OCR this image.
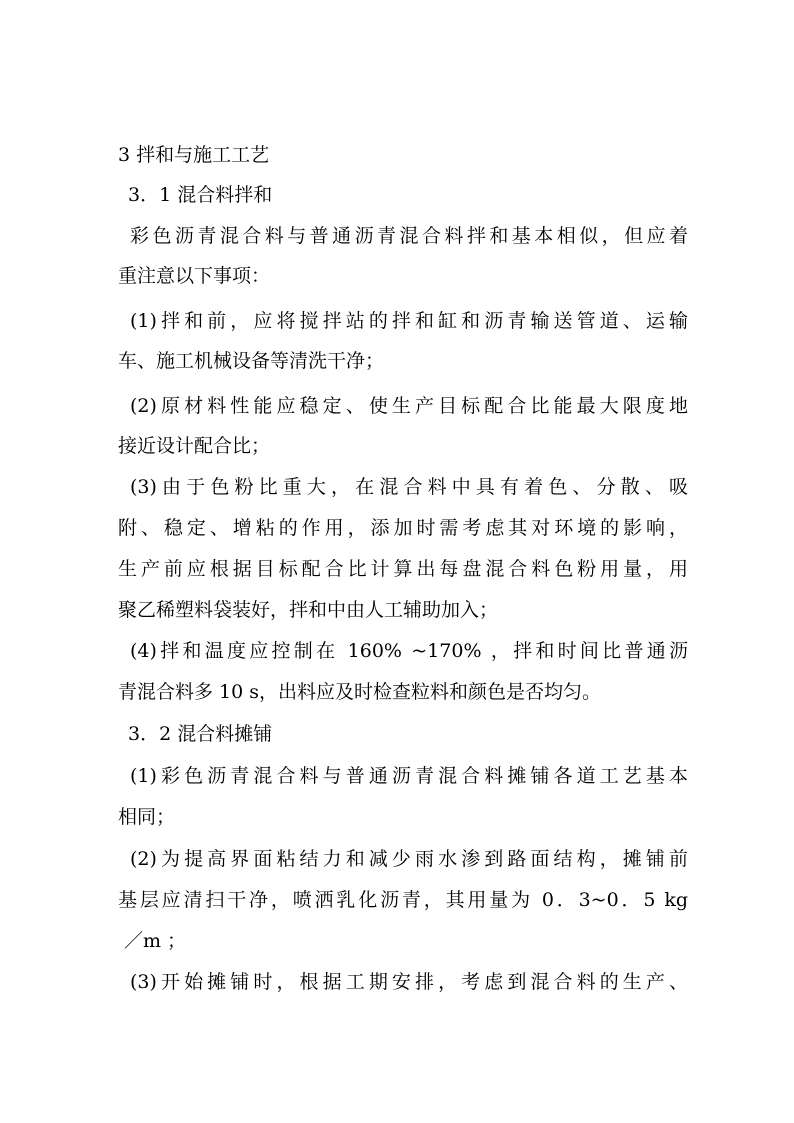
3 拌和与施工工艺
3．1 混合料拌和
彩色沥青混合料与普通沥青混合料拌和基本相似，但应着
重注意以下事项：
(1)拌和前，应将搅拌站的拌和缸和沥青输送管道、运输
车、施工机械设备等清洗干净；
(2)原材料性能应稳定、使生产目标配合比能最大限度地
接近设计配合比；
(3)由于色粉比重大，在混合料中具有着色、分散、吸
附、稳定、增粘的作用，添加时需考虑其对环境的影响，
生产前应根据目标配合比计算出每盘混合料色粉用量，用
聚乙稀塑料袋装好，拌和中由人工辅助加入；
(4)拌和温度应控制在 160% ~170% ，拌和时间比普通沥
青混合料多 10 s，出料应及时检查粒料和颜色是否均匀。
3．2 混合料摊铺
(1)彩色沥青混合料与普通沥青混合料摊铺各道工艺基本
相同；
(2)为提高界面粘结力和减少雨水渗到路面结构，摊铺前
基层应清扫干净，喷洒乳化沥青，其用量为 0．3~0．5 kg
／m ；
(3)开始摊铺时，根据工期安排，考虑到混合料的生产、
